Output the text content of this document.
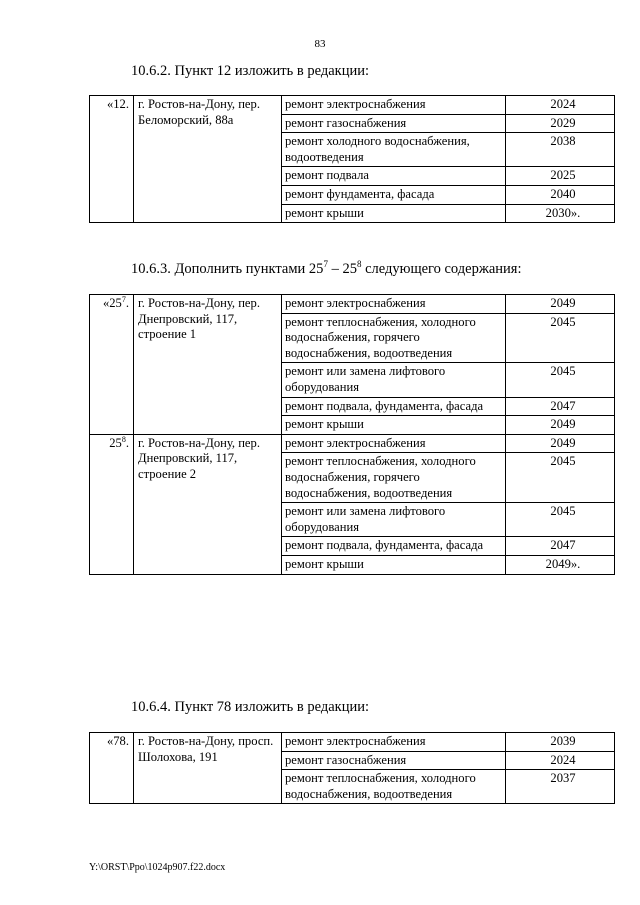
83
10.6.2. Пункт 12 изложить в редакции:
«12.	г. Ростов-на-Дону, пер. Беломорский, 88а	ремонт электроснабжения	2024
		ремонт газоснабжения	2029
		ремонт холодного водоснабжения, водоотведения	2038
		ремонт подвала	2025
		ремонт фундамента, фасада	2040
		ремонт крыши	2030».
10.6.3. Дополнить пунктами $25^7 - 25^8$ следующего содержания:
«$25^7$.	г. Ростов-на-Дону, пер. Днепровский, 117, строение 1	ремонт электроснабжения	2049
		ремонт теплоснабжения, холодного водоснабжения, горячего водоснабжения, водоотведения	2045
		ремонт или замена лифтового оборудования	2045
		ремонт подвала, фундамента, фасада	2047
		ремонт крыши	2049
$25^8$.	г. Ростов-на-Дону, пер. Днепровский, 117, строение 2	ремонт электроснабжения	2049
		ремонт теплоснабжения, холодного водоснабжения, горячего водоснабжения, водоотведения	2045
		ремонт или замена лифтового оборудования	2045
		ремонт подвала, фундамента, фасада	2047
		ремонт крыши	2049».
10.6.4. Пункт 78 изложить в редакции:
«78.	г. Ростов-на-Дону, просп. Шолохова, 191	ремонт электроснабжения	2039
		ремонт газоснабжения	2024
		ремонт теплоснабжения, холодного водоснабжения, водоотведения	2037
Y:\ORST\Ppo\1024p907.f22.docx
